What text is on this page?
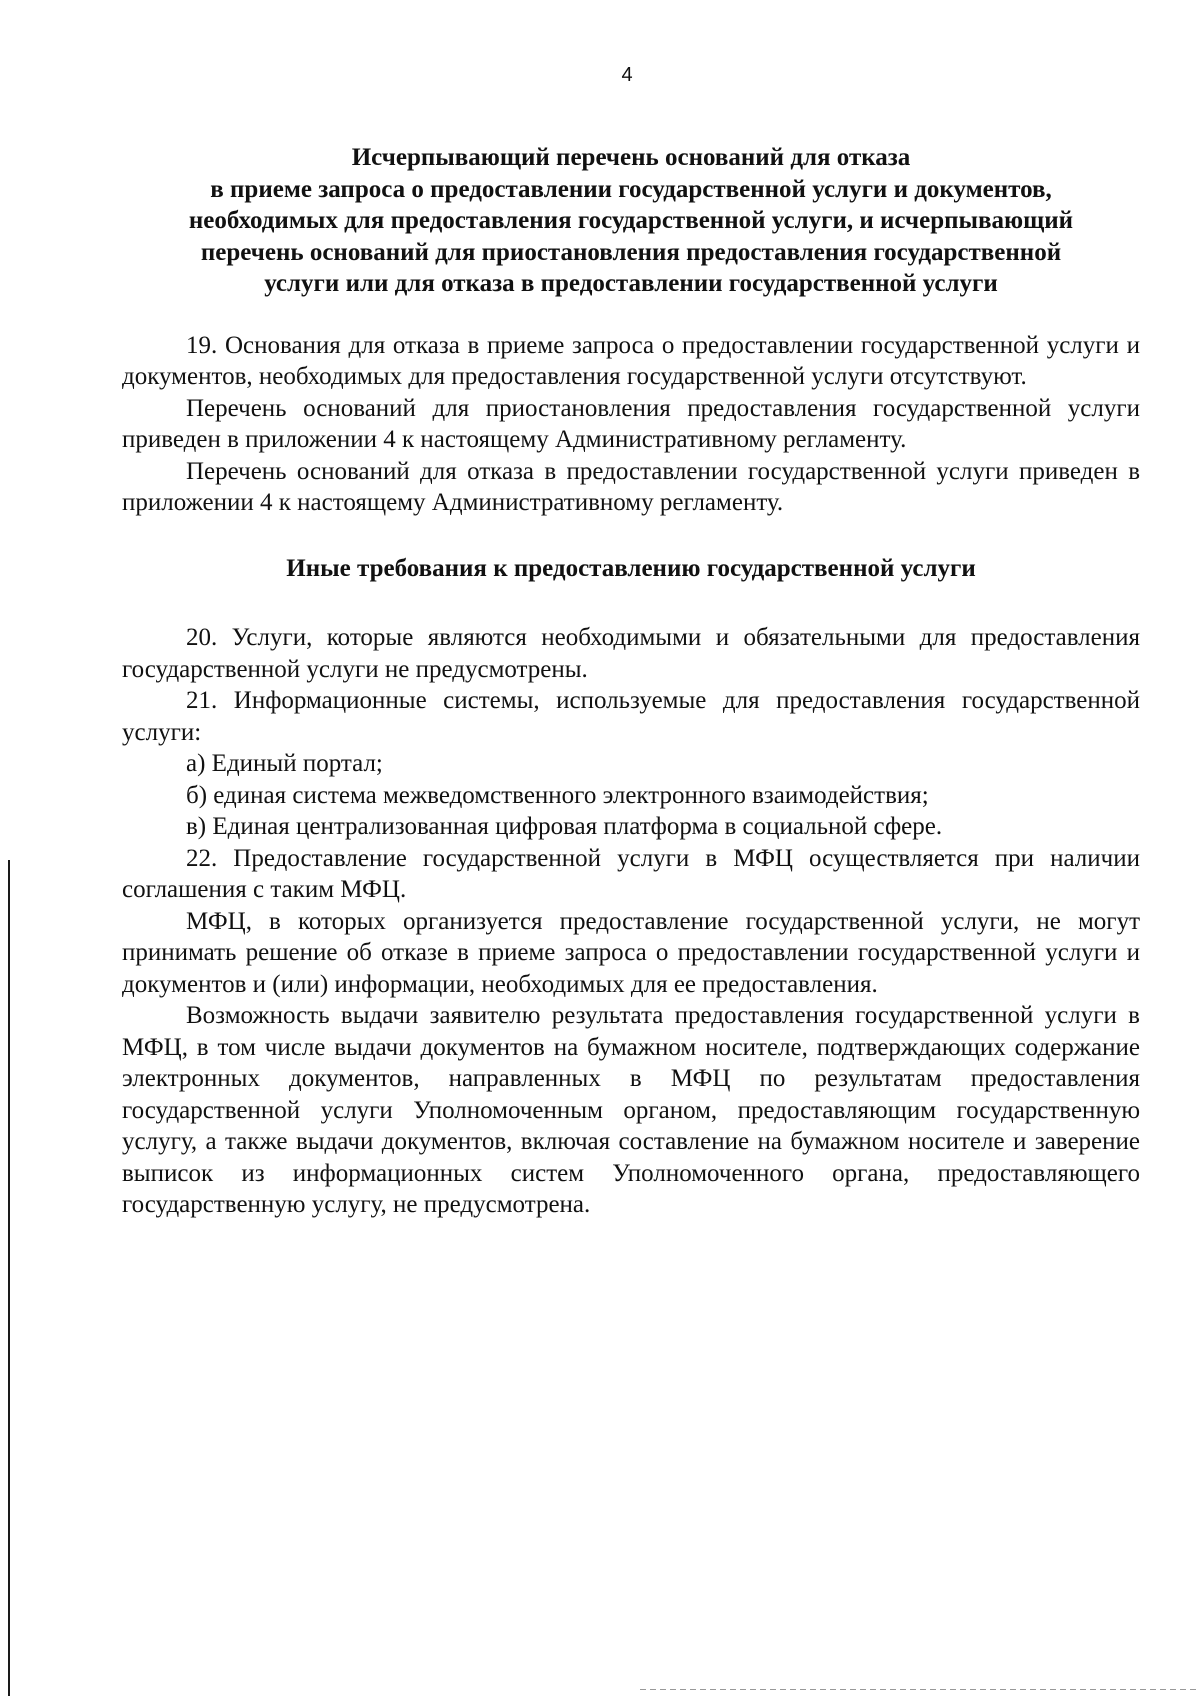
4
Исчерпывающий перечень оснований для отказа
в приеме запроса о предоставлении государственной услуги и документов,
необходимых для предоставления государственной услуги, и исчерпывающий
перечень оснований для приостановления предоставления государственной
услуги или для отказа в предоставлении государственной услуги

19. Основания для отказа в приеме запроса о предоставлении государственной услуги и документов, необходимых для предоставления государственной услуги отсутствуют.

Перечень оснований для приостановления предоставления государственной услуги приведен в приложении 4 к настоящему Административному регламенту.

Перечень оснований для отказа в предоставлении государственной услуги приведен в приложении 4 к настоящему Административному регламенту.

Иные требования к предоставлению государственной услуги

20. Услуги, которые являются необходимыми и обязательными для предоставления государственной услуги не предусмотрены.

21. Информационные системы, используемые для предоставления государственной услуги:

а) Единый портал;

б) единая система межведомственного электронного взаимодействия;

в) Единая централизованная цифровая платформа в социальной сфере.

22. Предоставление государственной услуги в МФЦ осуществляется при наличии соглашения с таким МФЦ.

МФЦ, в которых организуется предоставление государственной услуги, не могут принимать решение об отказе в приеме запроса о предоставлении государственной услуги и документов и (или) информации, необходимых для ее предоставления.

Возможность выдачи заявителю результата предоставления государственной услуги в МФЦ, в том числе выдачи документов на бумажном носителе, подтверждающих содержание электронных документов, направленных в МФЦ по результатам предоставления государственной услуги Уполномоченным органом, предоставляющим государственную услугу, а также выдачи документов, включая составление на бумажном носителе и заверение выписок из информационных систем Уполномоченного органа, предоставляющего государственную услугу, не предусмотрена.
